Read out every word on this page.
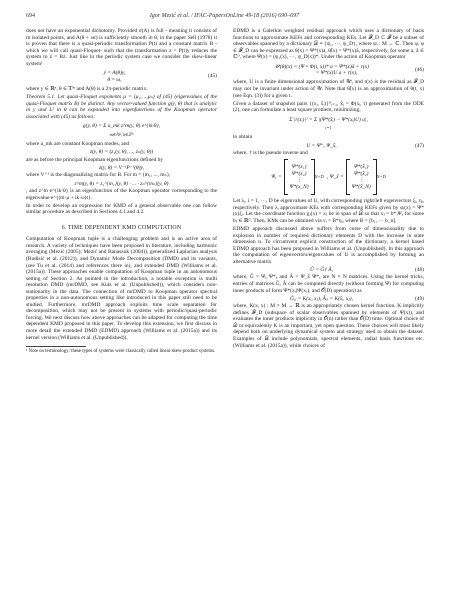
694	Igor Mezić et al. / IFAC-PapersOnLine 49-18 (2016) 690–697

does not have an exponential dichotomy. Provided σ(A) is full - meaning it consists of m isolated points, and A(θ + ωt) is sufficiently smooth in θ, in the paper Sell (1978) it is proven that there is a quasi-periodic transformation P(t) and a constant matrix B - which we will call quasi-Floquet- such that the transformation z = P(t)y reduces the system to ż = Bz. Just like in the periodic system case we consider the skew-linear system¹

ẏ = A(θ)y,
θ̇ = ω,
(45)

where y ∈ ℝⁿ, θ ∈ 𝕋ᵐ and A(θ) is a 2π-periodic matrix.

Theorem 5.1. Let quasi-Floquet exponents μ = (μ₁, ..,μₙ) of (45) (eigenvalues of the quasi-Floquet matrix B) be distinct. Any vector-valued function g(y, θ) that is analytic in y and L² in θ can be expanded into eigenfunctions of the Koopman operator associated with (45) as follows:

g(y, θ) = Σ a_mk z^m(y, θ) e^{ik·θ},
$_{m\in ℕ^n, k\in ℤᵐ}$

where a_mk are constant Koopman modes, and

z(y, θ) = (z₁(y, θ), ..., zₙ(y, θ))

are as before the principal Koopman eigenfunctions defined by

z(y, θ) = V⁻¹P⁻¹(θ)y,

where V⁻¹ is the diagonalizing matrix for B. For m = (m₁, ..., mₙ),

z^m(y, θ) = z₁^{m₁}(y, θ) · ... · zₙ^{mₙ}(y, θ)

, and z^m e^{ik·θ} is an eigenfunction of the Koopman operator corresponding to the eigenvalue e^{(m·μ + ik·ω)t}.

In order to develop an expression for KMD of a general observable one can follow similar procedure as described in Sections 4.1 and 4.2.

6. TIME DEPENDENT KMD COMPUTATION

Computation of Koopman tuple is a challenging problem and is an active area of research. A variety of techniques have been proposed in literature, including harmonic averaging (Mezić (2005); Mezić and Banaszuk (2004)), generalized Laplacian analysis (Budisić et al. (2012)), and Dynamic Mode Decomposition (DMD) and its variants, (see Tu et al. (2014) and references there in), and extended DMD (Williams et al. (2015a)). These approaches enable computation of Koopman tuple in an autonomous setting of Section 2. As pointed in the introduction, a notable exception is multi resolution DMD (mrDMD, see Kutz et al. (Unpublished)), which considers non-stationarity in the data. The connection of mrDMD to Koopman operator spectral properties in a non-autonomous setting like introduced in this paper still need to be studied. Furthermore, mrDMD approach exploits time scale separation for decomposition, which may not be present in systems with periodic/quasi-periodic forcing. We next discuss how above approaches can be adapted for computing the time dependent KMD proposed in this paper. To develop this extension, we first discuss in more detail the extended DMD (EDMD) approach (Williams et al. (2015a)) and its kernel version (Williams et al. (Unpublished)).

¹ Note on terminology: these types of systems were classically called linear skew-product systems.

EDMD is a Galerkin weighted residual approach which uses a dictionary of basis functions to approximate KEFs and corresponding KEs. Let 𝓕_D ⊂ 𝓕 be a subset of observables spanned by a dictionary 𝒟 ≡ {ψ₁, ···, ψ_D}, where ψᵢ : M → ℂ. Then φ, φ̃ ∈ 𝓕_D can be expressed as θ(x) = Ψ*(x)a, θ̃(x) = Ψ*(x)ã, respectively, for some a, ã ∈ ℂᴰ, where Ψ(x) = (ψ₁(x), ···, ψ_D(x))*. Under the action of Koopman operator

𝒰ᵗ(θ)(x) = (Ψ ∘ Φ(t, x))* a = Ψ*(x)ã + r(x)
= Ψ*(x)U a + r(x),
(46)

where, U is a finite dimensional approximation of 𝒰ᵗ, and r(x) is the residual as 𝓕_D may not be invariant under action of 𝒰. Note that θ̃(x) is an approximation of θ(t, x) (see Eqn. (3)) for a given t.

Given a dataset of snapshot pairs {(xᵢ, x̃ᵢ)}ᴺᵢ₌₁, x̃ᵢ = Φ(xᵢ, t) generated from the ODE (2), one can formulate a least square problem, minimizing,

Σ |r(xᵢ)|² = Σ |(Ψ*(x̃ᵢ) − Ψ*(xᵢ)U) a|,
$_{i=1}$

to obtain

U = Ψ⁺ₓ Ψ_x̃,	(47)

where, † is the pseudo inverse and

Ψₓ =
Ψ*(x₁)
Ψ*(x₂)
⋮
Ψ*(x_N)
N×D
, Ψ_x̃ =
Ψ*(x̃₁)
Ψ*(x̃₂)
⋮
Ψ*(x̃_N)
N×D

Let λᵢ, i = 1, ···, D be eigenvalues of U, with corresponding right/left eigenvectors ξᵢ, ηᵢ, respectively. Then λᵢ approximate KEs with corresponding KEFs given by φᵢ(x) = Ψ*(x)ξᵢ. Let the coordinate function gⱼ(x) = xⱼ be in span of 𝒟 so that xⱼ = b*ⱼΨₓ for some bⱼ ∈ ℝᴰ. Then, KMs can be obtained via vᵢ = B*ηᵢ, where B = [b₁, ··· b_n].

EDMD approach discussed above suffers from curse of dimensionality due to explosion in number of required dictionary elements D with the increase in state dimension n. To circumvent explicit construction of the dictionary, a kernel based EDMD approach has been proposed in Williams et al. (Unpublished). In this approach the computation of eigenvectors/eigenvalues of U is accomplished by forming an alternative matrix

Û = Ĝ† Â,	(48)

where, Ĝ = Ψₓ Ψ*ₓ and Â = Ψ_x̃ Ψ*ₓ are N × N matrices. Using the kernel tricks, entries of matrices Ĝ, Â can be computed directly (without forming Ψ) for computing inner products of form Ψ*(xᵢ)Ψ(xⱼ), and 𝒪(D) operation) as

Ĝᵢⱼ = K(xᵢ, xⱼ), Âᵢⱼ = K(x̃ᵢ, xⱼ),	(49)

where, K(x, x) : M × M → ℝ is an appropriately chosen kernel function. K implicitly defines 𝓕_D (subspace of scalar observables spanned by elements of Ψ(x)), and evaluates the inner products implicitly in 𝒪(n) rather than 𝒪(D) time. Optimal choice of 𝒟 or equivalently K is an important, yet open question. These choices will most likely depend both on underlying dynamical system and strategy used to obtain the dataset. Examples of 𝒟 include polynomials, spectral elements, radial basis functions etc. (Williams et al. (2015a)), while choices of
